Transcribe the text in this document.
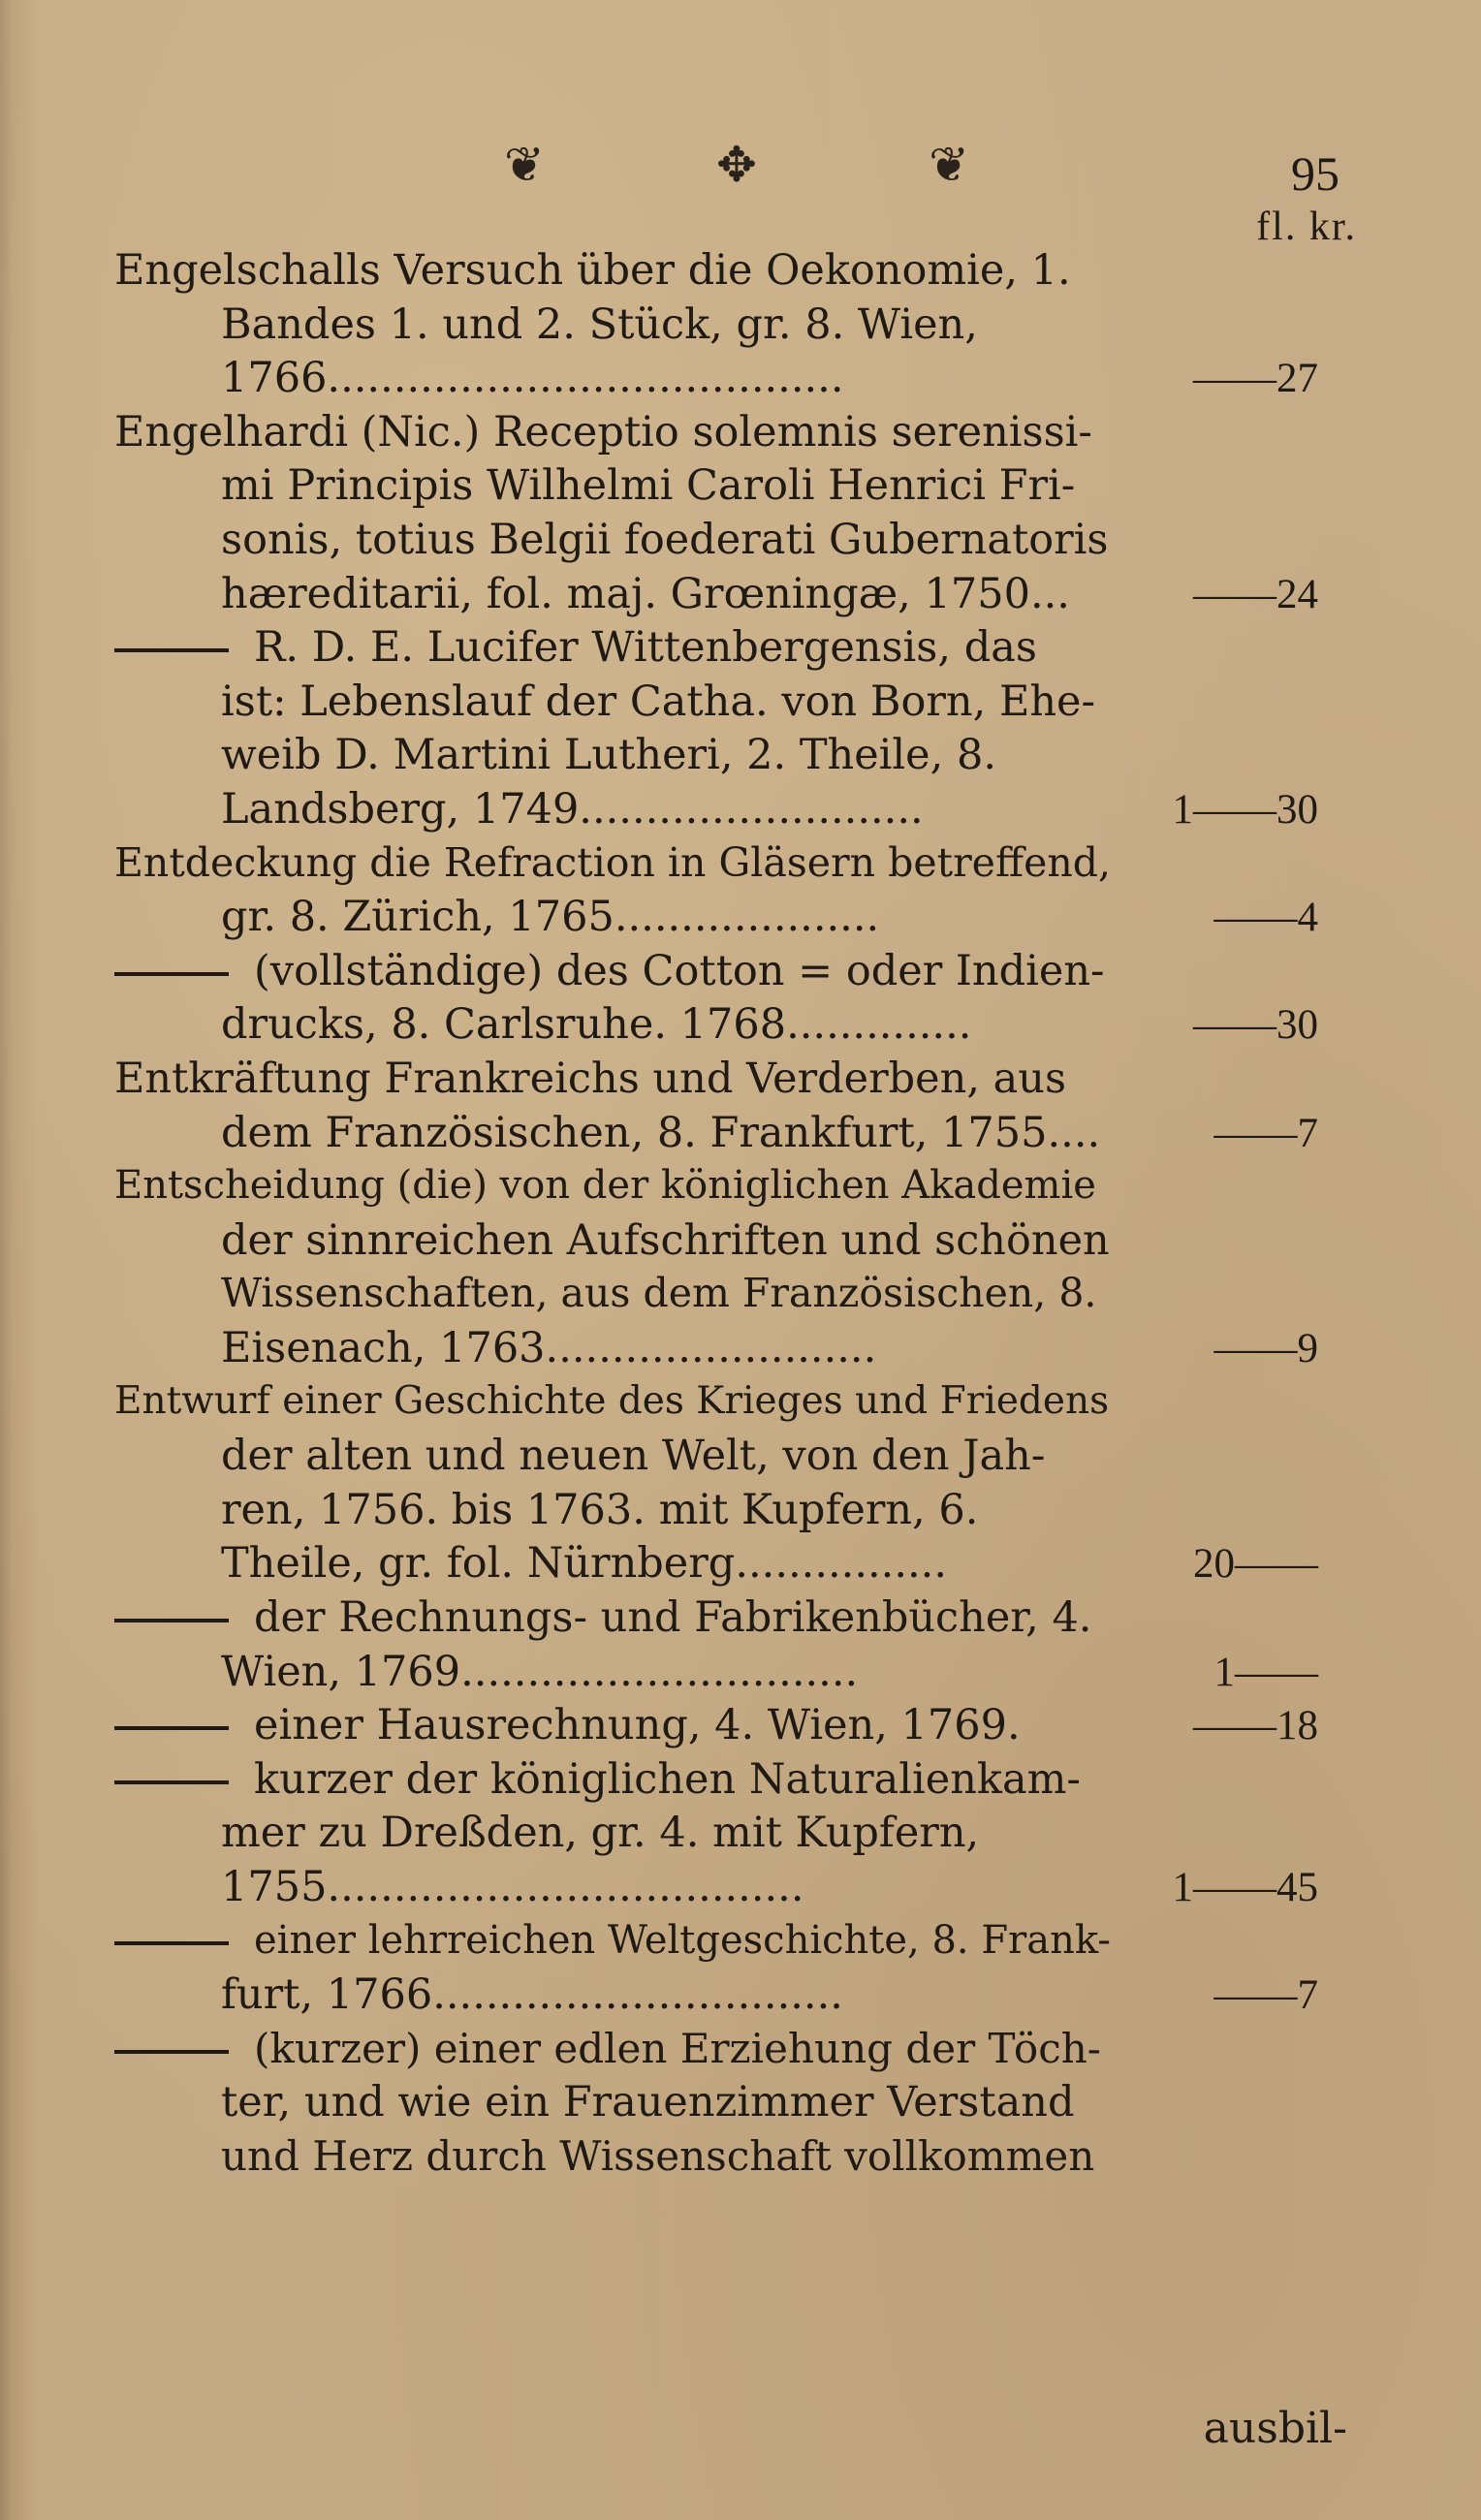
❦	✥	❦	95
fl. kr.
Engelschalls Versuch über die Oekonomie, 1.
Bandes 1. und 2. Stück, gr. 8. Wien,
1766.......................................	——27
Engelhardi (Nic.) Receptio solemnis serenissi-
mi Principis Wilhelmi Caroli Henrici Fri-
sonis, totius Belgii foederati Gubernatoris
hæreditarii, fol. maj. Grœningæ, 1750...	——24
R. D. E. Lucifer Wittenbergensis, das
ist: Lebenslauf der Catha. von Born, Ehe-
weib D. Martini Lutheri, 2. Theile, 8.
Landsberg, 1749..........................	1——30
Entdeckung die Refraction in Gläsern betreffend,
gr. 8. Zürich, 1765....................	——4
(vollständige) des Cotton = oder Indien-
drucks, 8. Carlsruhe. 1768..............	——30
Entkräftung Frankreichs und Verderben, aus
dem Französischen, 8. Frankfurt, 1755....	——7
Entscheidung (die) von der königlichen Akademie
der sinnreichen Aufschriften und schönen
Wissenschaften, aus dem Französischen, 8.
Eisenach, 1763.........................	——9
Entwurf einer Geschichte des Krieges und Friedens
der alten und neuen Welt, von den Jah-
ren, 1756. bis 1763. mit Kupfern, 6.
Theile, gr. fol. Nürnberg................	20——
der Rechnungs- und Fabrikenbücher, 4.
Wien, 1769..............................	1——
einer Hausrechnung, 4. Wien, 1769.	——18
kurzer der königlichen Naturalienkam-
mer zu Dreßden, gr. 4. mit Kupfern,
1755....................................	1——45
einer lehrreichen Weltgeschichte, 8. Frank-
furt, 1766...............................	——7
(kurzer) einer edlen Erziehung der Töch-
ter, und wie ein Frauenzimmer Verstand
und Herz durch Wissenschaft vollkommen
ausbil-
